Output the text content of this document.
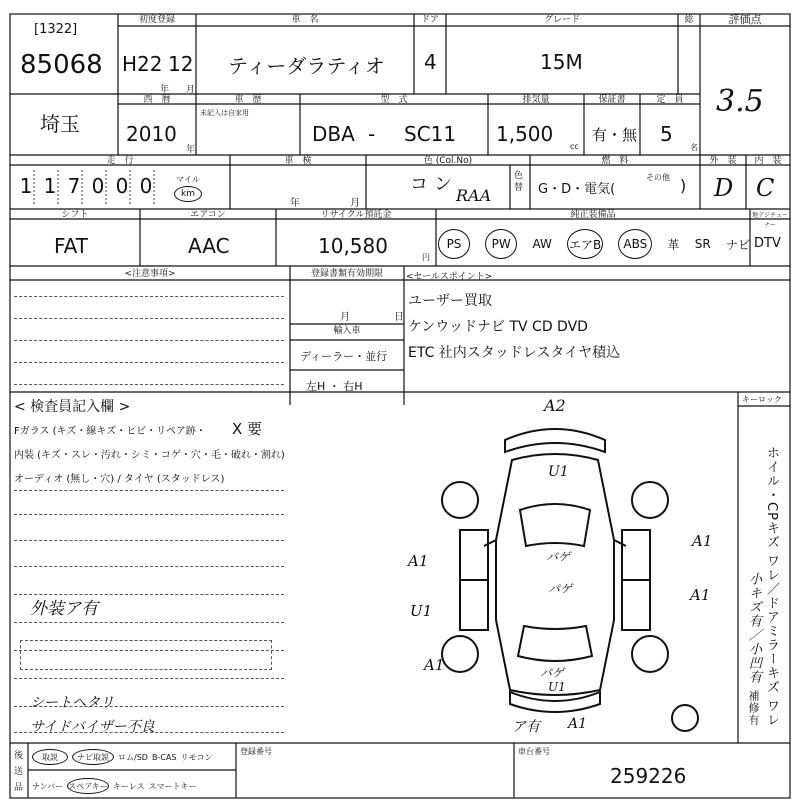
[1322]
85068
初度登録
H22 12
年 月
車　名
ティーダラティオ
ドア
4
グレード
15M
総	評価点
3.5
埼玉
西　暦
2010
年
車　歴
未記入は自家用
型　式
DBA - SC11
排気量
1,500
cc
保証書
有・無
定　員
5
名
走　行
1 1 7 0 0 0	マイル
km
車　検
年	月
色 (Col.No)
コン
RAA
色替
燃　料
G・D・電気(
その他 )
外　装
D
内　装
C
シフト
FAT
エアコン
AAC
リサイクル預託金
10,580	円
純正装備品
PS	PW	AW エアB	ABS	革 SR ナビ
地デジチューナー
DTV
<注意事項>	登録書類有効期限
月	日
輸入車
ディーラー・並行
左H ・ 右H
<セールスポイント>
ユーザー買取
ケンウッドナビ TV CD DVD
ETC 社内スタッドレスタイヤ積込
< 検査員記入欄 >
Fガラス (キズ・線キズ・ヒビ・リペア跡・ X 要
内装 (キズ・スレ・汚れ・シミ・コゲ・穴・毛・破れ・割れ)
オーディオ (無し・穴) / タイヤ (スタッドレス)
外装ア有
シートヘタリ
サイドバイザー不良
A2
U1
A1
A1
A1
U1
A1
パゲ
パゲ
パゲ
U1
ア有 A1
キーロック
ホイル・CPキズ ワレ／ドアミラーキズ ワレ
小キズ有／小凹有
補修有
後送品
取説	ナビ取説	ロム/SD B-CAS リモコン
ナンバー スペアキー キーレス スマートキー
登録番号	車台番号
259226
